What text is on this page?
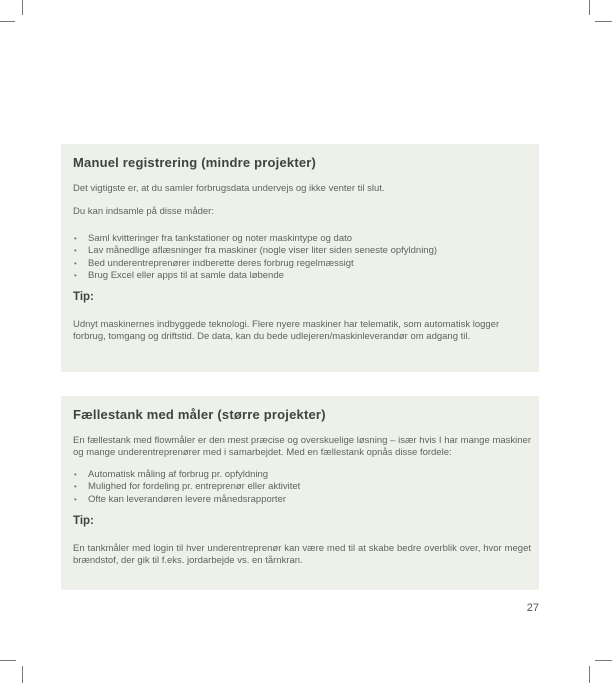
Manuel registrering (mindre projekter)

Det vigtigste er, at du samler forbrugsdata undervejs og ikke venter til slut.

Du kan indsamle på disse måder:

• Saml kvitteringer fra tankstationer og noter maskintype og dato
• Lav månedlige aflæsninger fra maskiner (nogle viser liter siden seneste opfyldning)
• Bed underentreprenører indberette deres forbrug regelmæssigt
• Brug Excel eller apps til at samle data løbende

Tip:

Udnyt maskinernes indbyggede teknologi. Flere nyere maskiner har telematik, som automatisk logger forbrug, tomgang og driftstid. De data, kan du bede udlejeren/maskinleverandør om adgang til.

Fællestank med måler (større projekter)

En fællestank med flowmåler er den mest præcise og overskuelige løsning – især hvis I har mange maskiner og mange underentreprenører med i samarbejdet. Med en fællestank opnås disse fordele:

• Automatisk måling af forbrug pr. opfyldning
• Mulighed for fordeling pr. entreprenør eller aktivitet
• Ofte kan leverandøren levere månedsrapporter

Tip:

En tankmåler med login til hver underentreprenør kan være med til at skabe bedre overblik over, hvor meget brændstof, der gik til f.eks. jordarbejde vs. en tårnkran.

27
